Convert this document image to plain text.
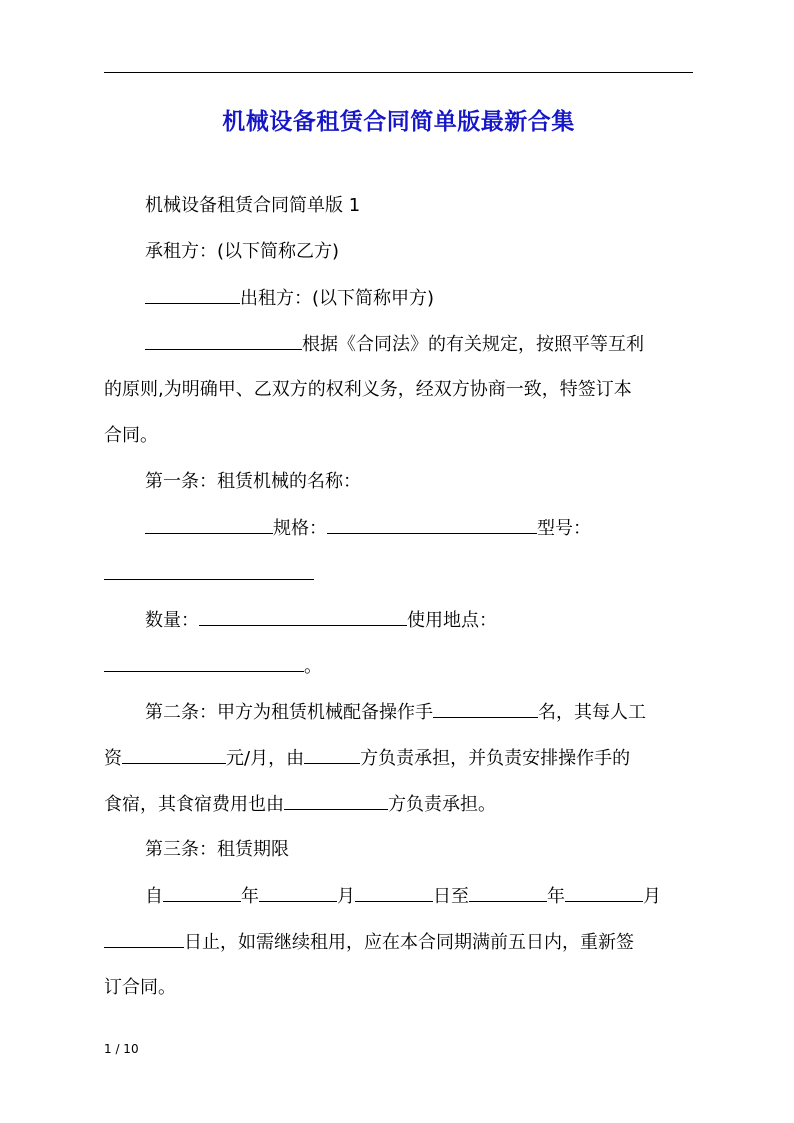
机械设备租赁合同简单版最新合集
机械设备租赁合同简单版 1
承租方：(以下简称乙方)
出租方：(以下简称甲方)
根据《合同法》的有关规定，按照平等互利
的原则,为明确甲、乙双方的权利义务，经双方协商一致，特签订本
合同。
第一条：租赁机械的名称：
规格：	型号：
数量：	使用地点：
。
第二条：甲方为租赁机械配备操作手	名，其每人工
资	元/月，由	方负责承担，并负责安排操作手的
食宿，其食宿费用也由	方负责承担。
第三条：租赁期限
自	年	月	日至	年	月
日止，如需继续租用，应在本合同期满前五日内，重新签
订合同。
1 / 10
